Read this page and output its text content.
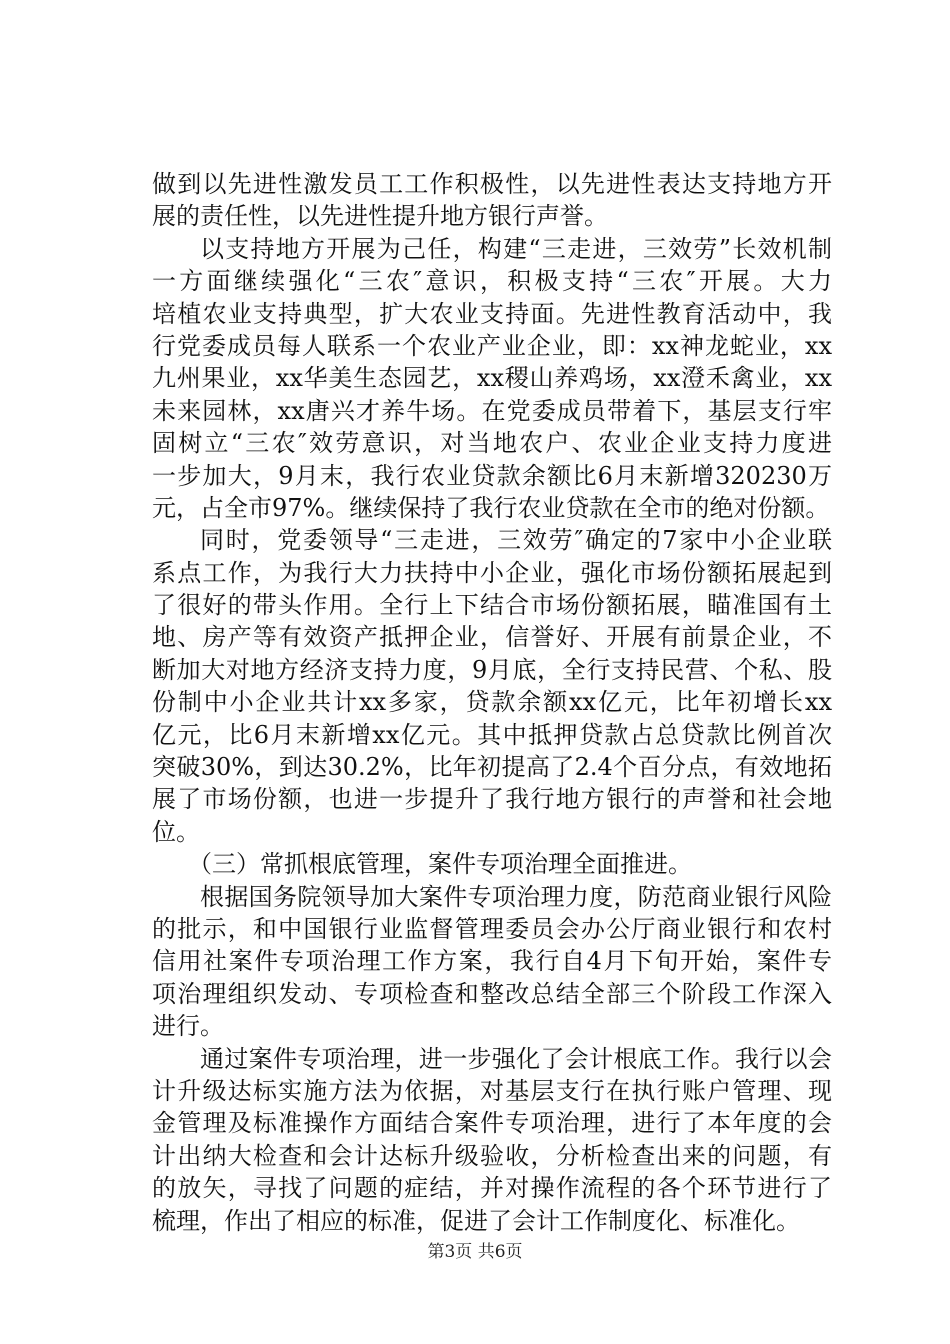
做到以先进性激发员工工作积极性，以先进性表达支持地方开
展的责任性，以先进性提升地方银行声誉。
以支持地方开展为己任，构建“三走进，三效劳”长效机制
一方面继续强化“三农″意识，积极支持“三农″开展。大力
培植农业支持典型，扩大农业支持面。先进性教育活动中，我
行党委成员每人联系一个农业产业企业，即：xx神龙蛇业，xx
九州果业，xx华美生态园艺，xx稷山养鸡场，xx澄禾禽业，xx
未来园林，xx唐兴才养牛场。在党委成员带着下，基层支行牢
固树立“三农″效劳意识，对当地农户、农业企业支持力度进
一步加大，9月末，我行农业贷款余额比6月末新增320230万
元，占全市97%。继续保持了我行农业贷款在全市的绝对份额。
同时，党委领导“三走进，三效劳″确定的7家中小企业联
系点工作，为我行大力扶持中小企业，强化市场份额拓展起到
了很好的带头作用。全行上下结合市场份额拓展，瞄准国有土
地、房产等有效资产抵押企业，信誉好、开展有前景企业，不
断加大对地方经济支持力度，9月底，全行支持民营、个私、股
份制中小企业共计xx多家，贷款余额xx亿元，比年初增长xx
亿元，比6月末新增xx亿元。其中抵押贷款占总贷款比例首次
突破30%，到达30.2%，比年初提高了2.4个百分点，有效地拓
展了市场份额，也进一步提升了我行地方银行的声誉和社会地
位。
（三）常抓根底管理，案件专项治理全面推进。
根据国务院领导加大案件专项治理力度，防范商业银行风险
的批示，和中国银行业监督管理委员会办公厅商业银行和农村
信用社案件专项治理工作方案，我行自4月下旬开始，案件专
项治理组织发动、专项检查和整改总结全部三个阶段工作深入
进行。
通过案件专项治理，进一步强化了会计根底工作。我行以会
计升级达标实施方法为依据，对基层支行在执行账户管理、现
金管理及标准操作方面结合案件专项治理，进行了本年度的会
计出纳大检查和会计达标升级验收，分析检查出来的问题，有
的放矢，寻找了问题的症结，并对操作流程的各个环节进行了
梳理，作出了相应的标准，促进了会计工作制度化、标准化。
第3页 共6页
